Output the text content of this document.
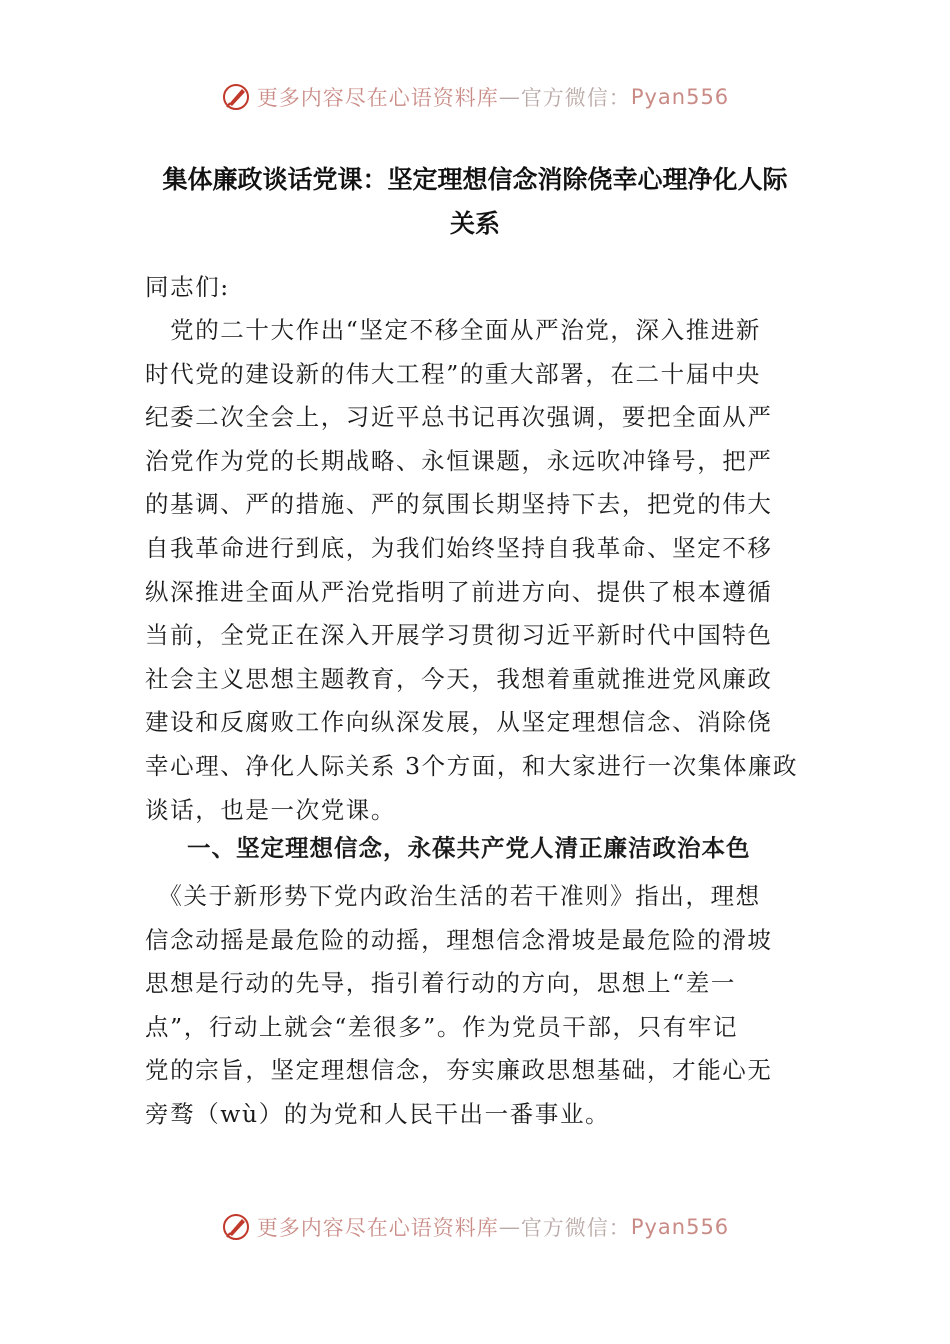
更多内容尽在心语资料库 — 官方微信： Pyan556
集体廉政谈话党课：坚定理想信念消除侥幸心理净化人际
关系
同志们:
　党的二十大作出“坚定不移全面从严治党，深入推进新
时代党的建设新的伟大工程”的重大部署，在二十届中央
纪委二次全会上，习近平总书记再次强调，要把全面从严
治党作为党的长期战略、永恒课题，永远吹冲锋号，把严
的基调、严的措施、严的氛围长期坚持下去，把党的伟大
自我革命进行到底，为我们始终坚持自我革命、坚定不移
纵深推进全面从严治党指明了前进方向、提供了根本遵循
当前，全党正在深入开展学习贯彻习近平新时代中国特色
社会主义思想主题教育，今天，我想着重就推进党风廉政
建设和反腐败工作向纵深发展，从坚定理想信念、消除侥
幸心理、净化人际关系 3个方面，和大家进行一次集体廉政
谈话，也是一次党课。
一、坚定理想信念，永葆共产党人清正廉洁政治本色
　《关于新形势下党内政治生活的若干准则》指出，理想
信念动摇是最危险的动摇，理想信念滑坡是最危险的滑坡
思想是行动的先导，指引着行动的方向，思想上“差一
点”，行动上就会“差很多”。作为党员干部，只有牢记
党的宗旨，坚定理想信念，夯实廉政思想基础，才能心无
旁骛（wù）的为党和人民干出一番事业。
更多内容尽在心语资料库 — 官方微信： Pyan556
